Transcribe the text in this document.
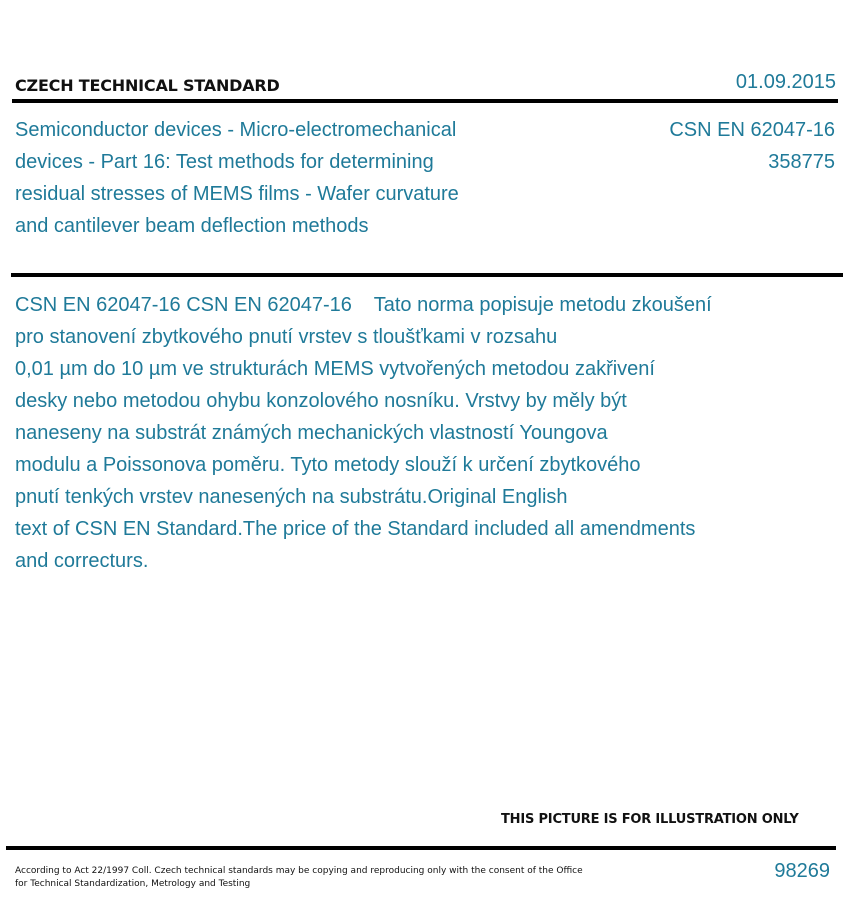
CZECH TECHNICAL STANDARD	01.09.2015
Semiconductor devices - Micro-electromechanical
devices - Part 16: Test methods for determining
residual stresses of MEMS films - Wafer curvature
and cantilever beam deflection methods
CSN EN 62047-16
358775
CSN EN 62047-16 CSN EN 62047-16    Tato norma popisuje metodu zkoušení
pro stanovení zbytkového pnutí vrstev s tloušťkami v rozsahu
0,01 µm do 10 µm ve strukturách MEMS vytvořených metodou zakřivení
desky nebo metodou ohybu konzolového nosníku. Vrstvy by měly být
naneseny na substrát známých mechanických vlastností Youngova
modulu a Poissonova poměru. Tyto metody slouží k určení zbytkového
pnutí tenkých vrstev nanesených na substrátu.Original English
text of CSN EN Standard.The price of the Standard included all amendments
and correcturs.
THIS PICTURE IS FOR ILLUSTRATION ONLY
According to Act 22/1997 Coll. Czech technical standards may be copying and reproducing only with the consent of the Office
for Technical Standardization, Metrology and Testing
98269
